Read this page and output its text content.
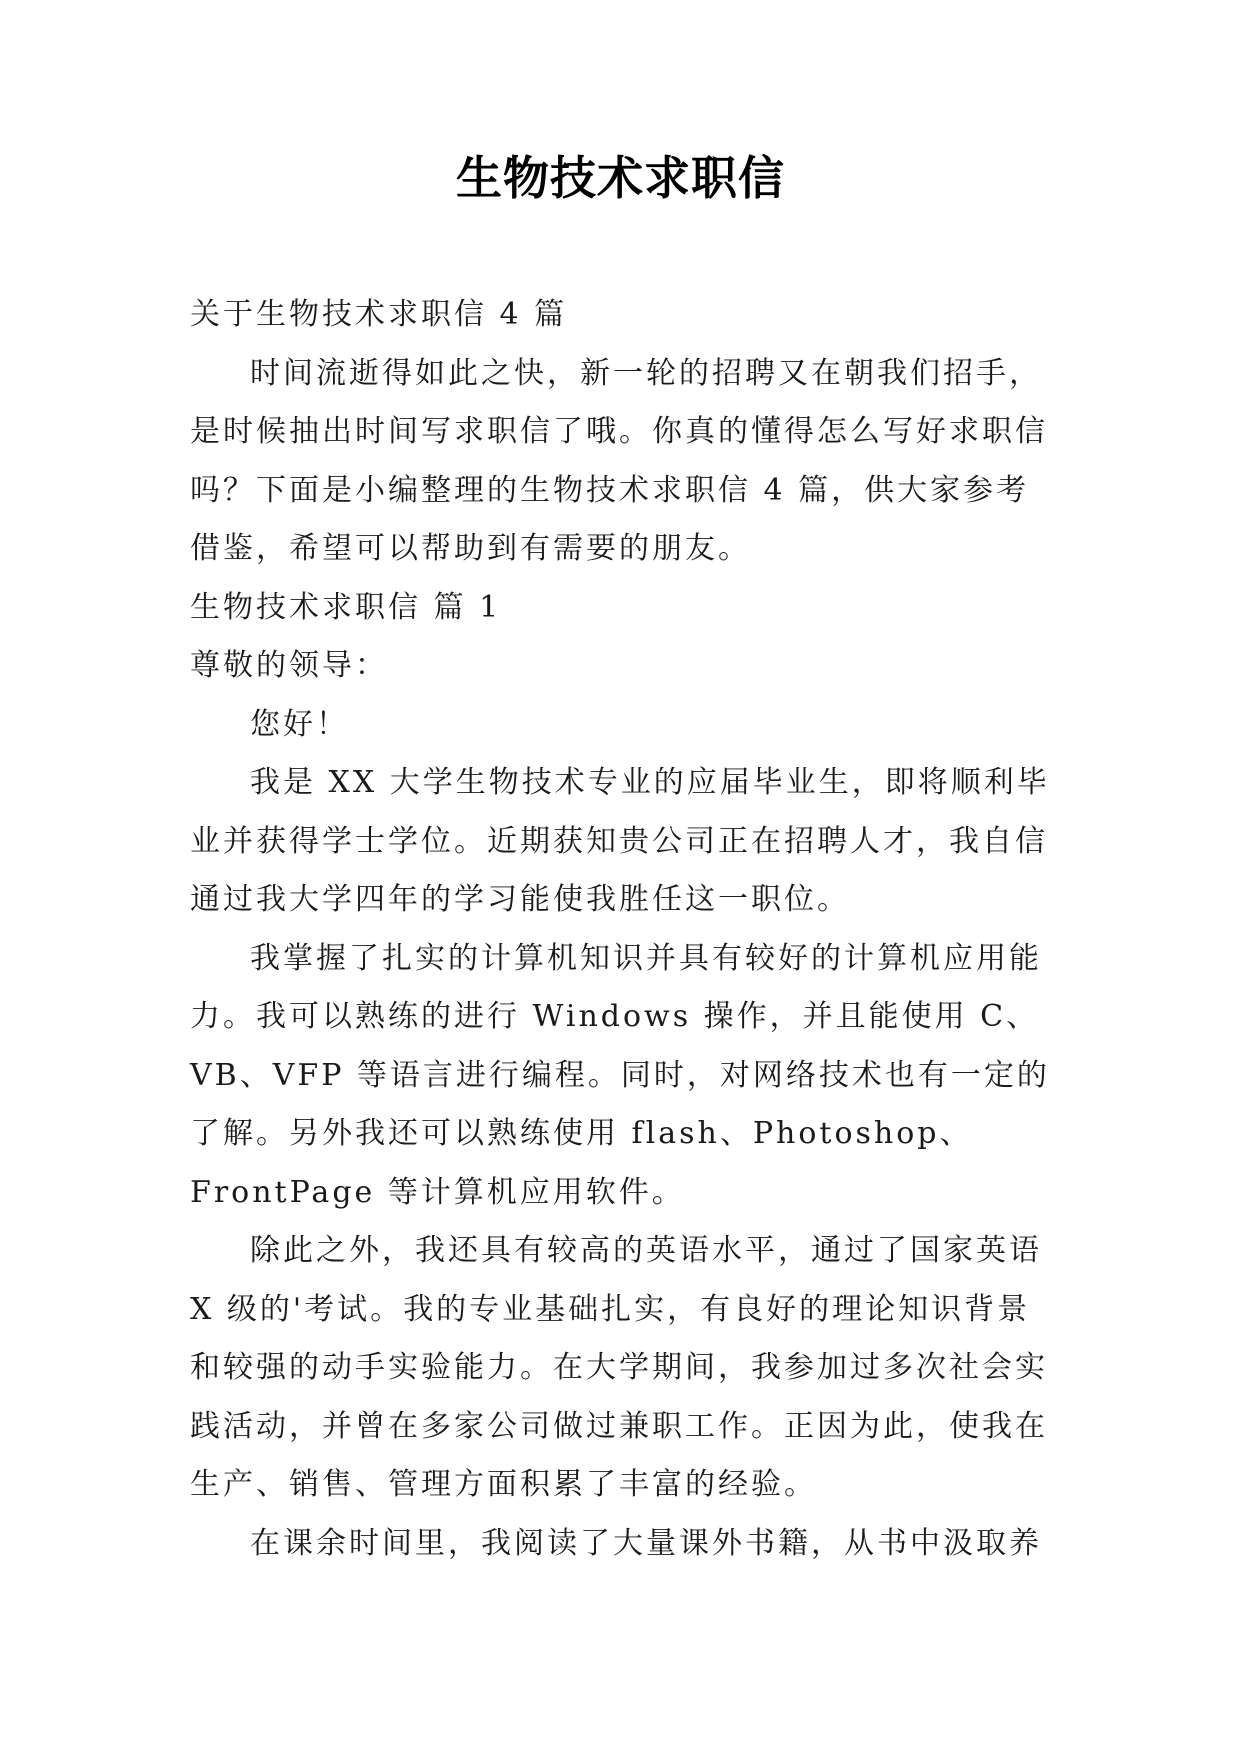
生物技术求职信

关于生物技术求职信 4 篇

时间流逝得如此之快，新一轮的招聘又在朝我们招手，是时候抽出时间写求职信了哦。你真的懂得怎么写好求职信吗？下面是小编整理的生物技术求职信 4 篇，供大家参考借鉴，希望可以帮助到有需要的朋友。

生物技术求职信 篇 1

尊敬的领导：

您好！

我是 XX 大学生物技术专业的应届毕业生，即将顺利毕业并获得学士学位。近期获知贵公司正在招聘人才，我自信通过我大学四年的学习能使我胜任这一职位。

我掌握了扎实的计算机知识并具有较好的计算机应用能力。我可以熟练的进行 Windows 操作，并且能使用 C、VB、VFP 等语言进行编程。同时，对网络技术也有一定的了解。另外我还可以熟练使用 flash、Photoshop、FrontPage 等计算机应用软件。

除此之外，我还具有较高的英语水平，通过了国家英语 X 级的'考试。我的专业基础扎实，有良好的理论知识背景和较强的动手实验能力。在大学期间，我参加过多次社会实践活动，并曾在多家公司做过兼职工作。正因为此，使我在生产、销售、管理方面积累了丰富的经验。

在课余时间里，我阅读了大量课外书籍，从书中汲取养
